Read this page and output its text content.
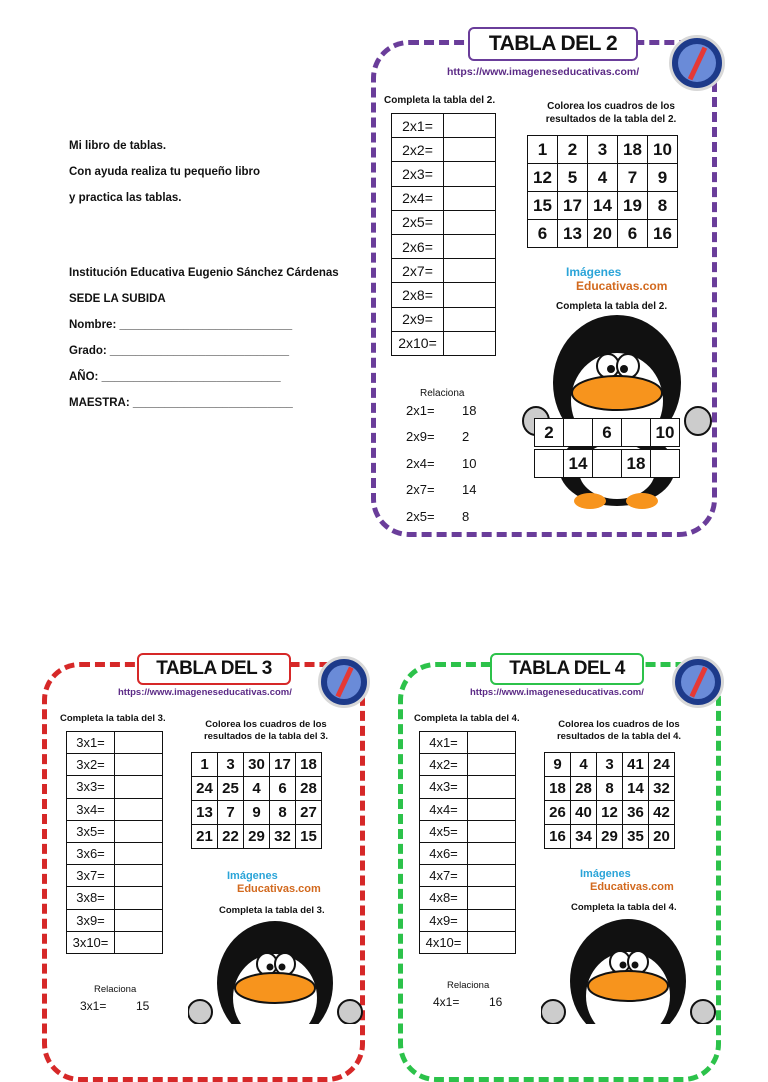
Mi libro de tablas.

Con ayuda realiza tu pequeño libro

y practica las tablas.

Institución Educativa Eugenio Sánchez Cárdenas

SEDE LA SUBIDA

Nombre: ___________________________

Grado: ____________________________

AÑO: ____________________________

MAESTRA: _________________________

TABLA DEL 2
https://www.imageneseducativas.com/
Completa la tabla del 2.
Colorea los cuadros de los
resultados de la tabla del 2.
2x1=	
2x2=	
2x3=	
2x4=	
2x5=	
2x6=	
2x7=	
2x8=	
2x9=	
2x10=	
1	2	3	18	10
12	5	4	7	9
15	17	14	19	8
6	13	20	6	16
Imágenes
Educativas.com
Completa la tabla del 2.
Relaciona
2x1=	18
2x9=	2
2x4=	10
2x7=	14
2x5=	8
2		6		10
	14		18	
TABLA DEL 3
https://www.imageneseducativas.com/
Completa la tabla del 3.
Colorea los cuadros de los
resultados de la tabla del 3.
3x1=	
3x2=	
3x3=	
3x4=	
3x5=	
3x6=	
3x7=	
3x8=	
3x9=	
3x10=	
1	3	30	17	18
24	25	4	6	28
13	7	9	8	27
21	22	29	32	15
Imágenes
Educativas.com
Completa la tabla del 3.
Relaciona
3x1=	15
TABLA DEL 4
https://www.imageneseducativas.com/
Completa la tabla del 4.
Colorea los cuadros de los
resultados de la tabla del 4.
4x1=	
4x2=	
4x3=	
4x4=	
4x5=	
4x6=	
4x7=	
4x8=	
4x9=	
4x10=	
9	4	3	41	24
18	28	8	14	32
26	40	12	36	42
16	34	29	35	20
Imágenes
Educativas.com
Completa la tabla del 4.
Relaciona
4x1=	16
